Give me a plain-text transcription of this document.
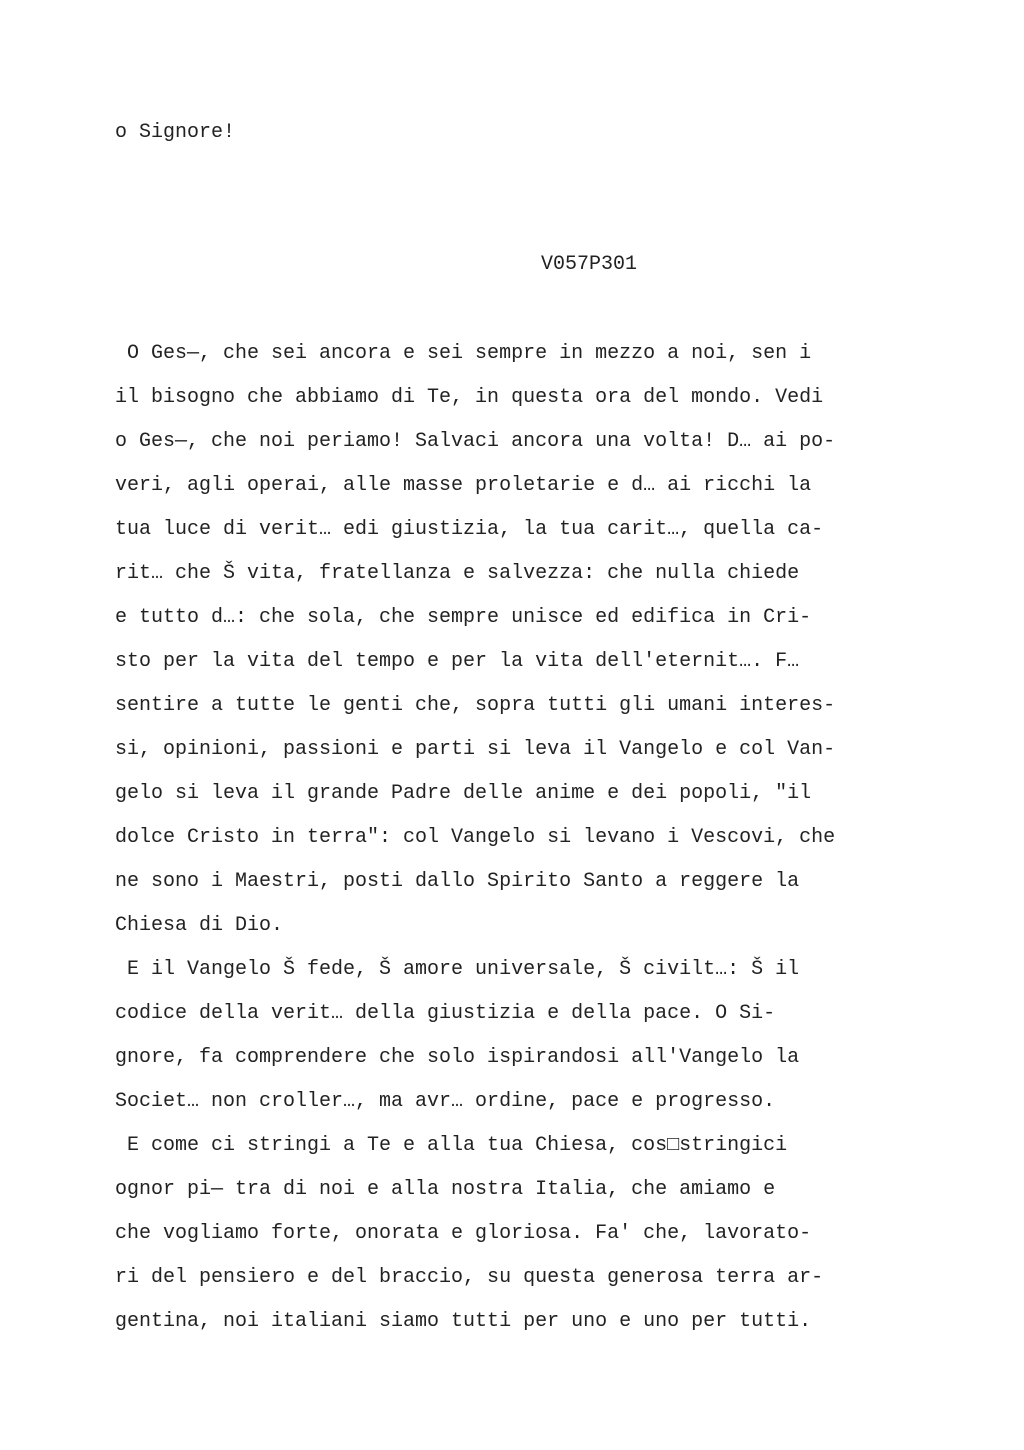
o Signore!
V057P301
O Ges—, che sei ancora e sei sempre in mezzo a noi, sen i
il bisogno che abbiamo di Te, in questa ora del mondo. Vedi
o Ges—, che noi periamo! Salvaci ancora una volta! D… ai po-
veri, agli operai, alle masse proletarie e d… ai ricchi la
tua luce di verit… edi giustizia, la tua carit…, quella ca-
rit… che Š vita, fratellanza e salvezza: che nulla chiede
e tutto d…: che sola, che sempre unisce ed edifica in Cri-
sto per la vita del tempo e per la vita dell'eternit…. F…
sentire a tutte le genti che, sopra tutti gli umani interes-
si, opinioni, passioni e parti si leva il Vangelo e col Van-
gelo si leva il grande Padre delle anime e dei popoli, "il
dolce Cristo in terra": col Vangelo si levano i Vescovi, che
ne sono i Maestri, posti dallo Spirito Santo a reggere la
Chiesa di Dio.
E il Vangelo Š fede, Š amore universale, Š civilt…: Š il
codice della verit… della giustizia e della pace. O Si-
gnore, fa comprendere che solo ispirandosi all'Vangelo la
Societ… non croller…, ma avr… ordine, pace e progresso.
E come ci stringi a Te e alla tua Chiesa, cos□stringici
ognor pi— tra di noi e alla nostra Italia, che amiamo e
che vogliamo forte, onorata e gloriosa. Fa' che, lavorato-
ri del pensiero e del braccio, su questa generosa terra ar-
gentina, noi italiani siamo tutti per uno e uno per tutti.
